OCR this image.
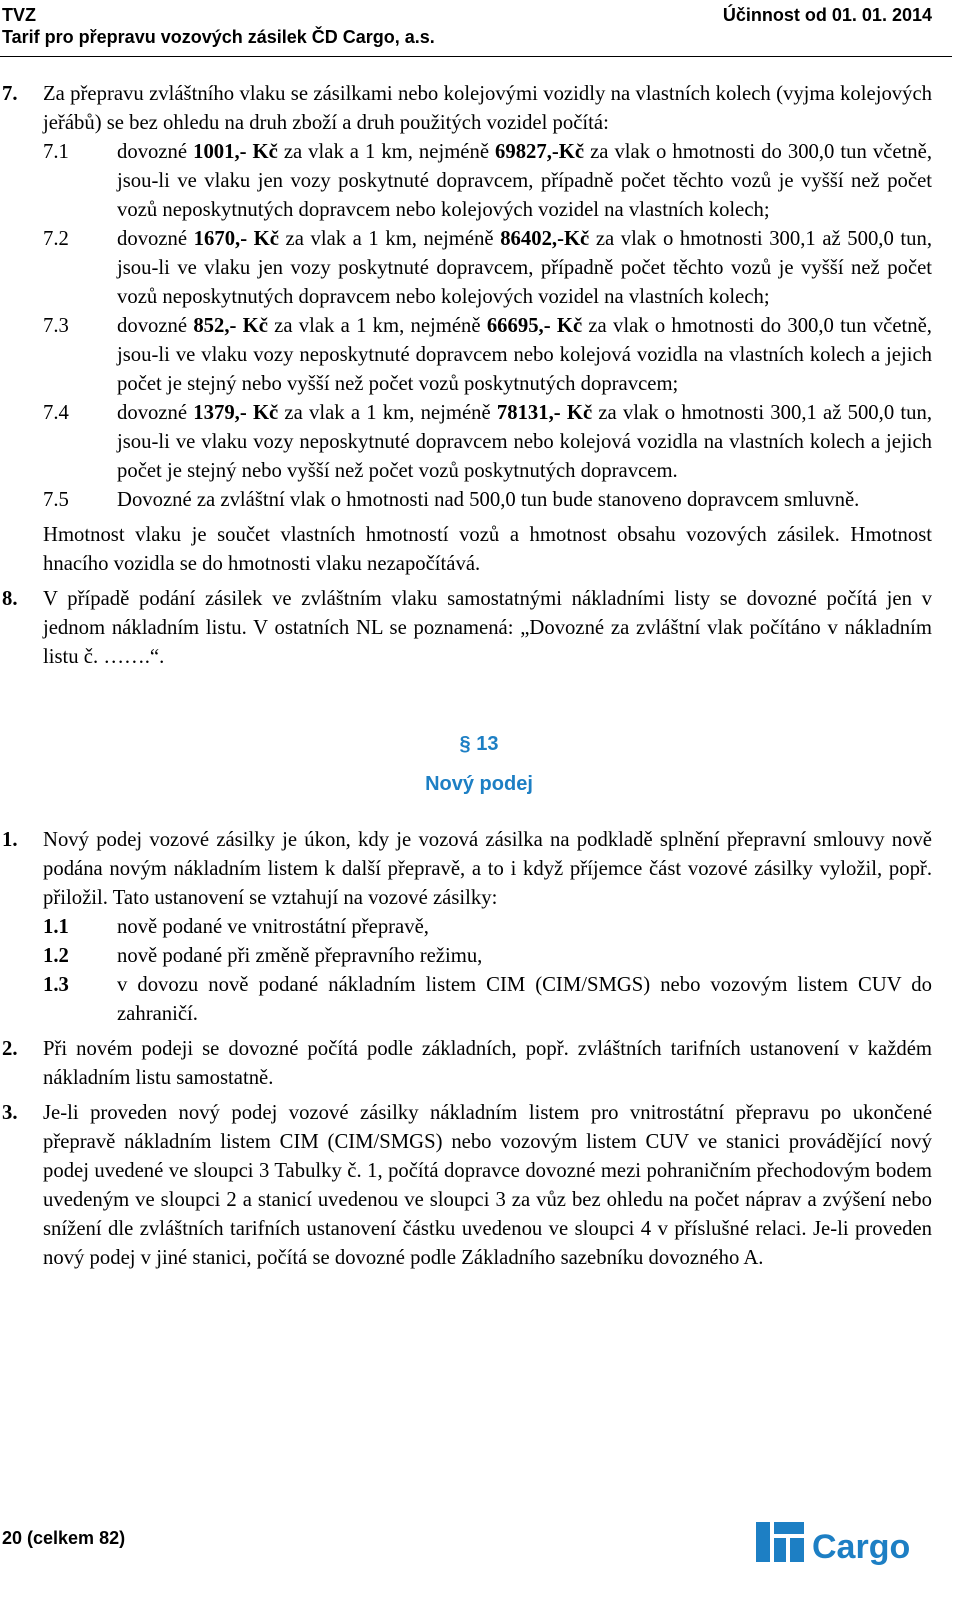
TVZ
Tarif pro přepravu vozových zásilek ČD Cargo, a.s.
Účinnost od 01. 01. 2014
7. Za přepravu zvláštního vlaku se zásilkami nebo kolejovými vozidly na vlastních kolech (vyjma kolejových jeřábů) se bez ohledu na druh zboží a druh použitých vozidel počítá:
7.1 dovozné 1001,- Kč za vlak a 1 km, nejméně 69827,-Kč za vlak o hmotnosti do 300,0 tun včetně, jsou-li ve vlaku jen vozy poskytnuté dopravcem, případně počet těchto vozů je vyšší než počet vozů neposkytnutých dopravcem nebo kolejových vozidel na vlastních kolech;
7.2 dovozné 1670,- Kč za vlak a 1 km, nejméně 86402,-Kč za vlak o hmotnosti 300,1 až 500,0 tun, jsou-li ve vlaku jen vozy poskytnuté dopravcem, případně počet těchto vozů je vyšší než počet vozů neposkytnutých dopravcem nebo kolejových vozidel na vlastních kolech;
7.3 dovozné 852,- Kč za vlak a 1 km, nejméně 66695,- Kč za vlak o hmotnosti do 300,0 tun včetně, jsou-li ve vlaku vozy neposkytnuté dopravcem nebo kolejová vozidla na vlastních kolech a jejich počet je stejný nebo vyšší než počet vozů poskytnutých dopravcem;
7.4 dovozné 1379,- Kč za vlak a 1 km, nejméně 78131,- Kč za vlak o hmotnosti 300,1 až 500,0 tun, jsou-li ve vlaku vozy neposkytnuté dopravcem nebo kolejová vozidla na vlastních kolech a jejich počet je stejný nebo vyšší než počet vozů poskytnutých dopravcem.
7.5 Dovozné za zvláštní vlak o hmotnosti nad 500,0 tun bude stanoveno dopravcem smluvně.
Hmotnost vlaku je součet vlastních hmotností vozů a hmotnost obsahu vozových zásilek. Hmotnost hnacího vozidla se do hmotnosti vlaku nezapočítává.
8. V případě podání zásilek ve zvláštním vlaku samostatnými nákladními listy se dovozné počítá jen v jednom nákladním listu. V ostatních NL se poznamená: „Dovozné za zvláštní vlak počítáno v nákladním listu č. …….“.
§ 13
Nový podej
1. Nový podej vozové zásilky je úkon, kdy je vozová zásilka na podkladě splnění přepravní smlouvy nově podána novým nákladním listem k další přepravě, a to i když příjemce část vozové zásilky vyložil, popř. přiložil. Tato ustanovení se vztahují na vozové zásilky:
1.1 nově podané ve vnitrostátní přepravě,
1.2 nově podané při změně přepravního režimu,
1.3 v dovozu nově podané nákladním listem CIM (CIM/SMGS) nebo vozovým listem CUV do zahraničí.
2. Při novém podeji se dovozné počítá podle základních, popř. zvláštních tarifních ustanovení v každém nákladním listu samostatně.
3. Je-li proveden nový podej vozové zásilky nákladním listem pro vnitrostátní přepravu po ukončené přepravě nákladním listem CIM (CIM/SMGS) nebo vozovým listem CUV ve stanici provádějící nový podej uvedené ve sloupci 3 Tabulky č. 1, počítá dopravce dovozné mezi pohraničním přechodovým bodem uvedeným ve sloupci 2 a stanicí uvedenou ve sloupci 3 za vůz bez ohledu na počet náprav a zvýšení nebo snížení dle zvláštních tarifních ustanovení částku uvedenou ve sloupci 4 v příslušné relaci. Je-li proveden nový podej v jiné stanici, počítá se dovozné podle Základního sazebníku dovozného A.
20 (celkem 82)	Cargo
